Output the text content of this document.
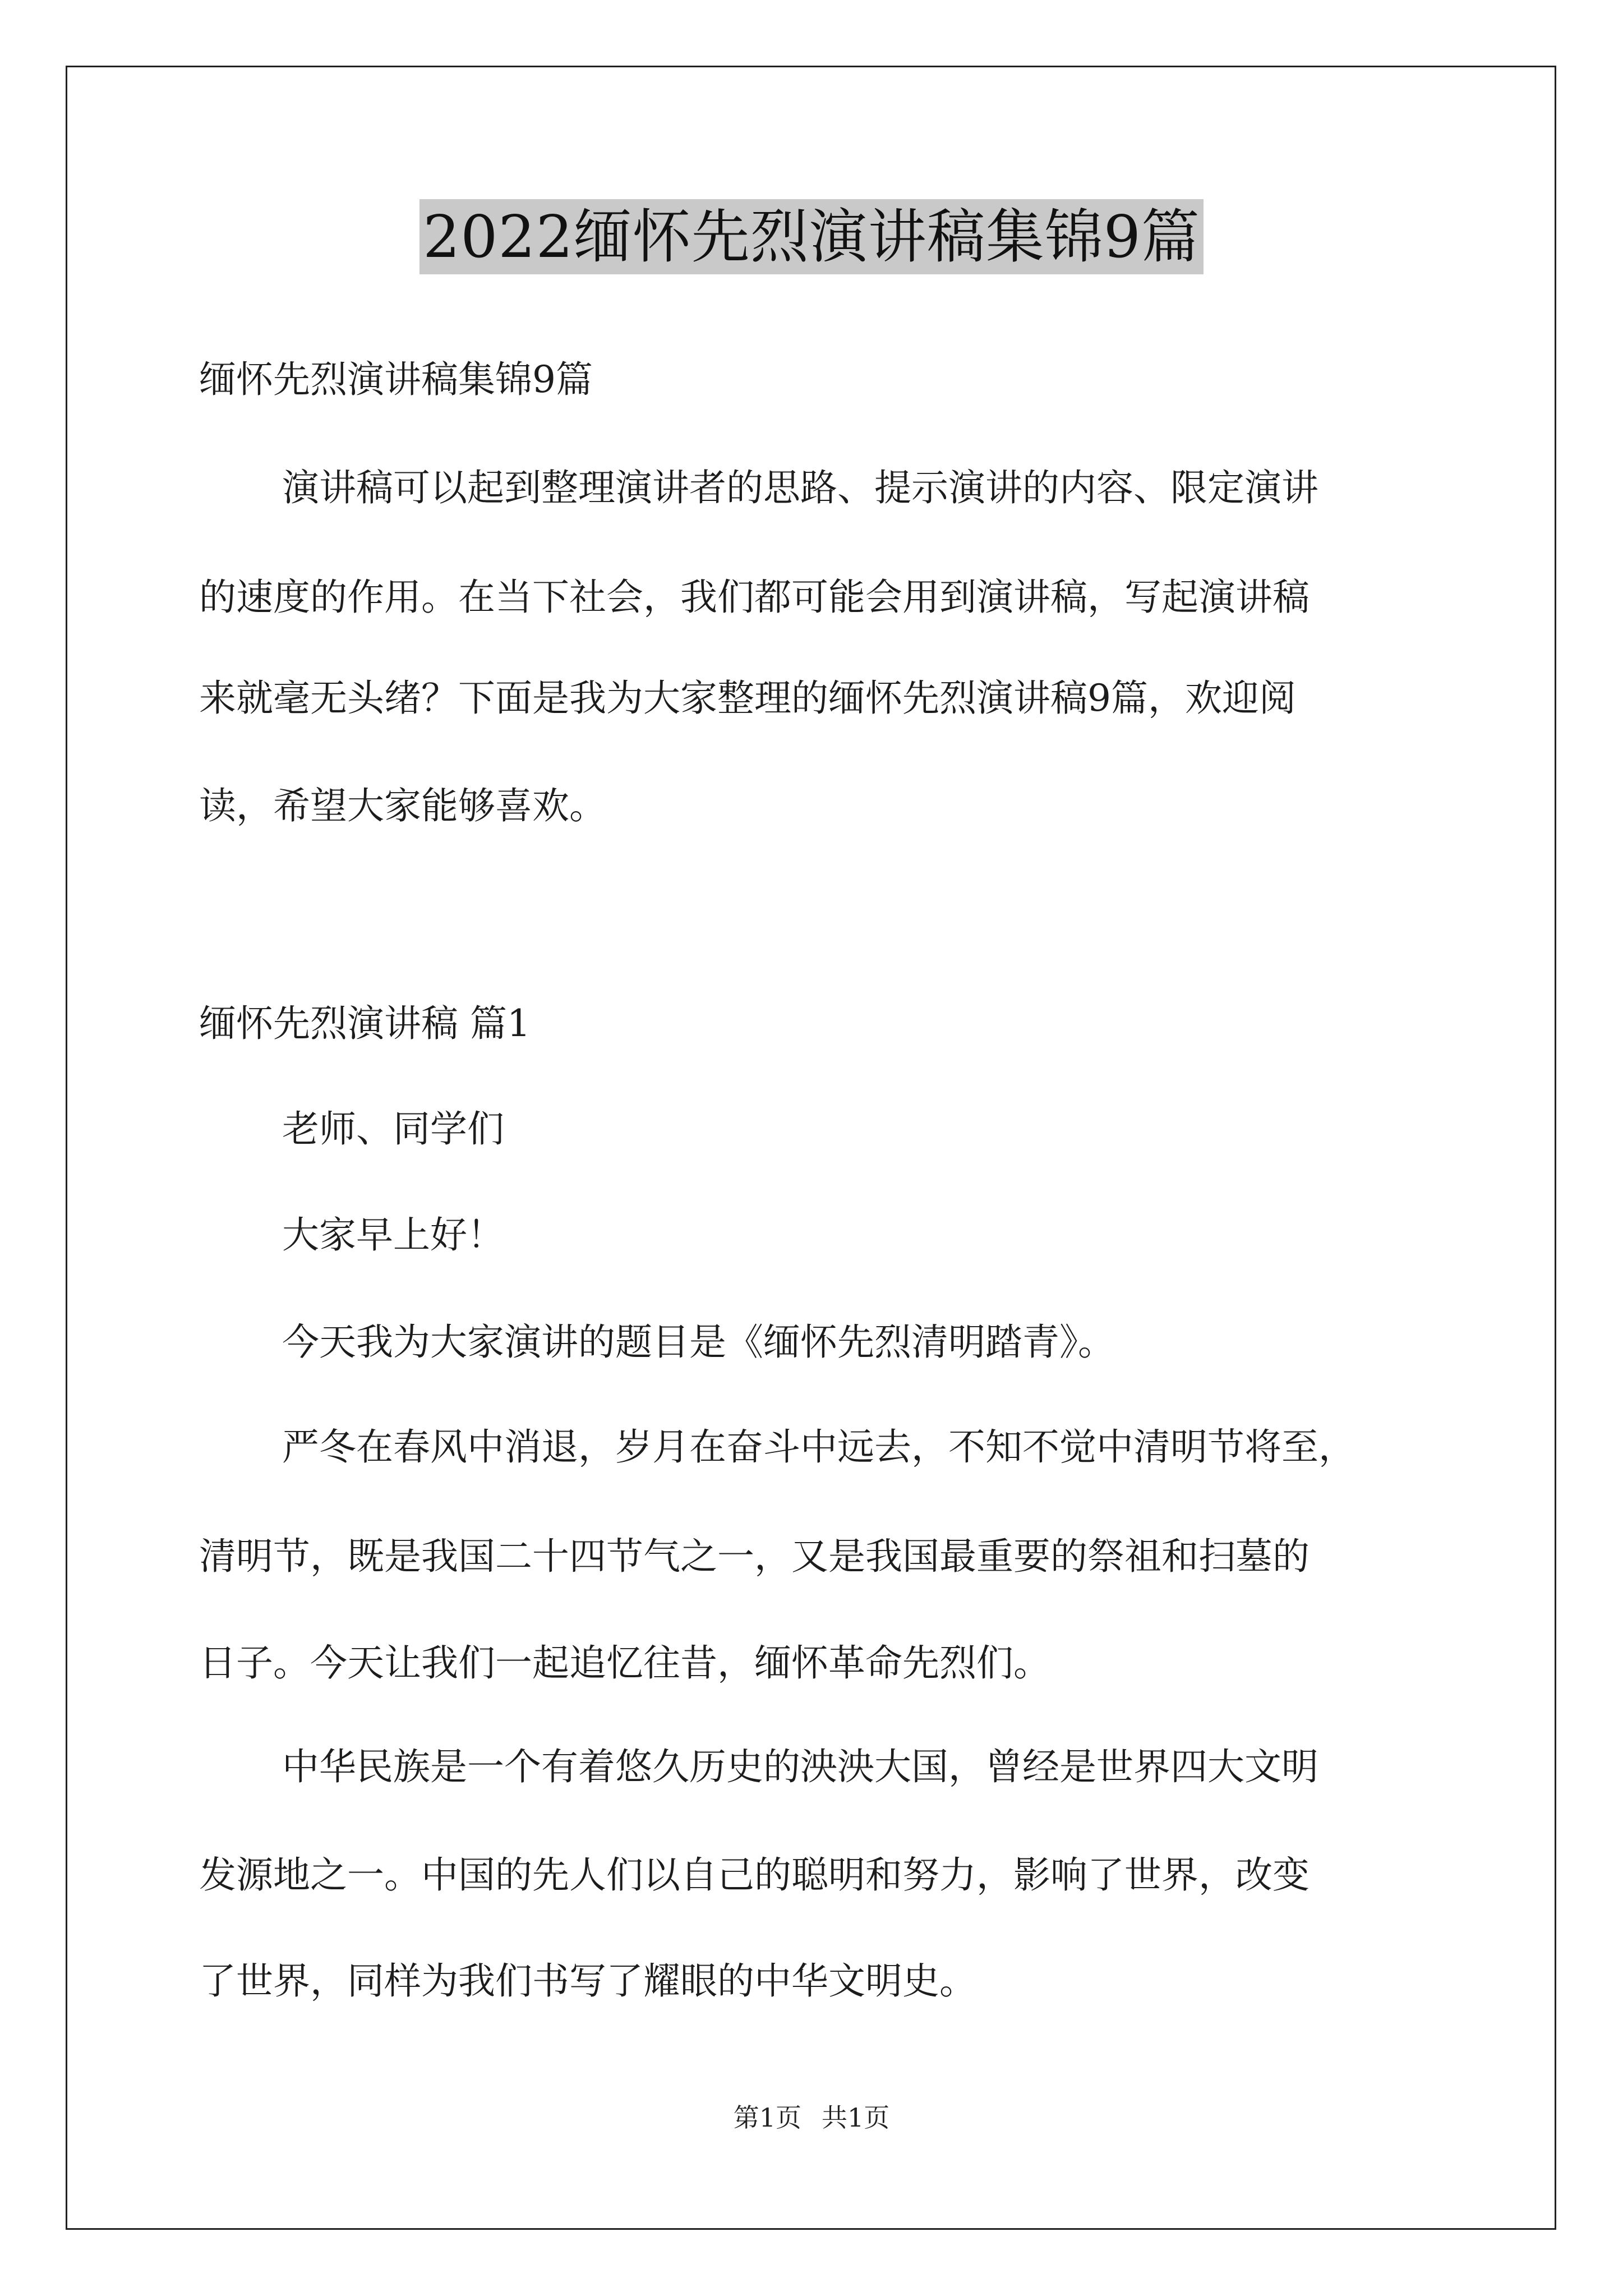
2022缅怀先烈演讲稿集锦9篇
缅怀先烈演讲稿集锦9篇
演讲稿可以起到整理演讲者的思路、提示演讲的内容、限定演讲
的速度的作用。在当下社会，我们都可能会用到演讲稿，写起演讲稿
来就毫无头绪？下面是我为大家整理的缅怀先烈演讲稿9篇，欢迎阅
读，希望大家能够喜欢。
缅怀先烈演讲稿 篇1
老师、同学们
大家早上好！
今天我为大家演讲的题目是《缅怀先烈清明踏青》。
严冬在春风中消退，岁月在奋斗中远去，不知不觉中清明节将至，
清明节，既是我国二十四节气之一，又是我国最重要的祭祖和扫墓的
日子。今天让我们一起追忆往昔，缅怀革命先烈们。
中华民族是一个有着悠久历史的泱泱大国，曾经是世界四大文明
发源地之一。中国的先人们以自己的聪明和努力，影响了世界，改变
了世界，同样为我们书写了耀眼的中华文明史。
第1页 共1页
